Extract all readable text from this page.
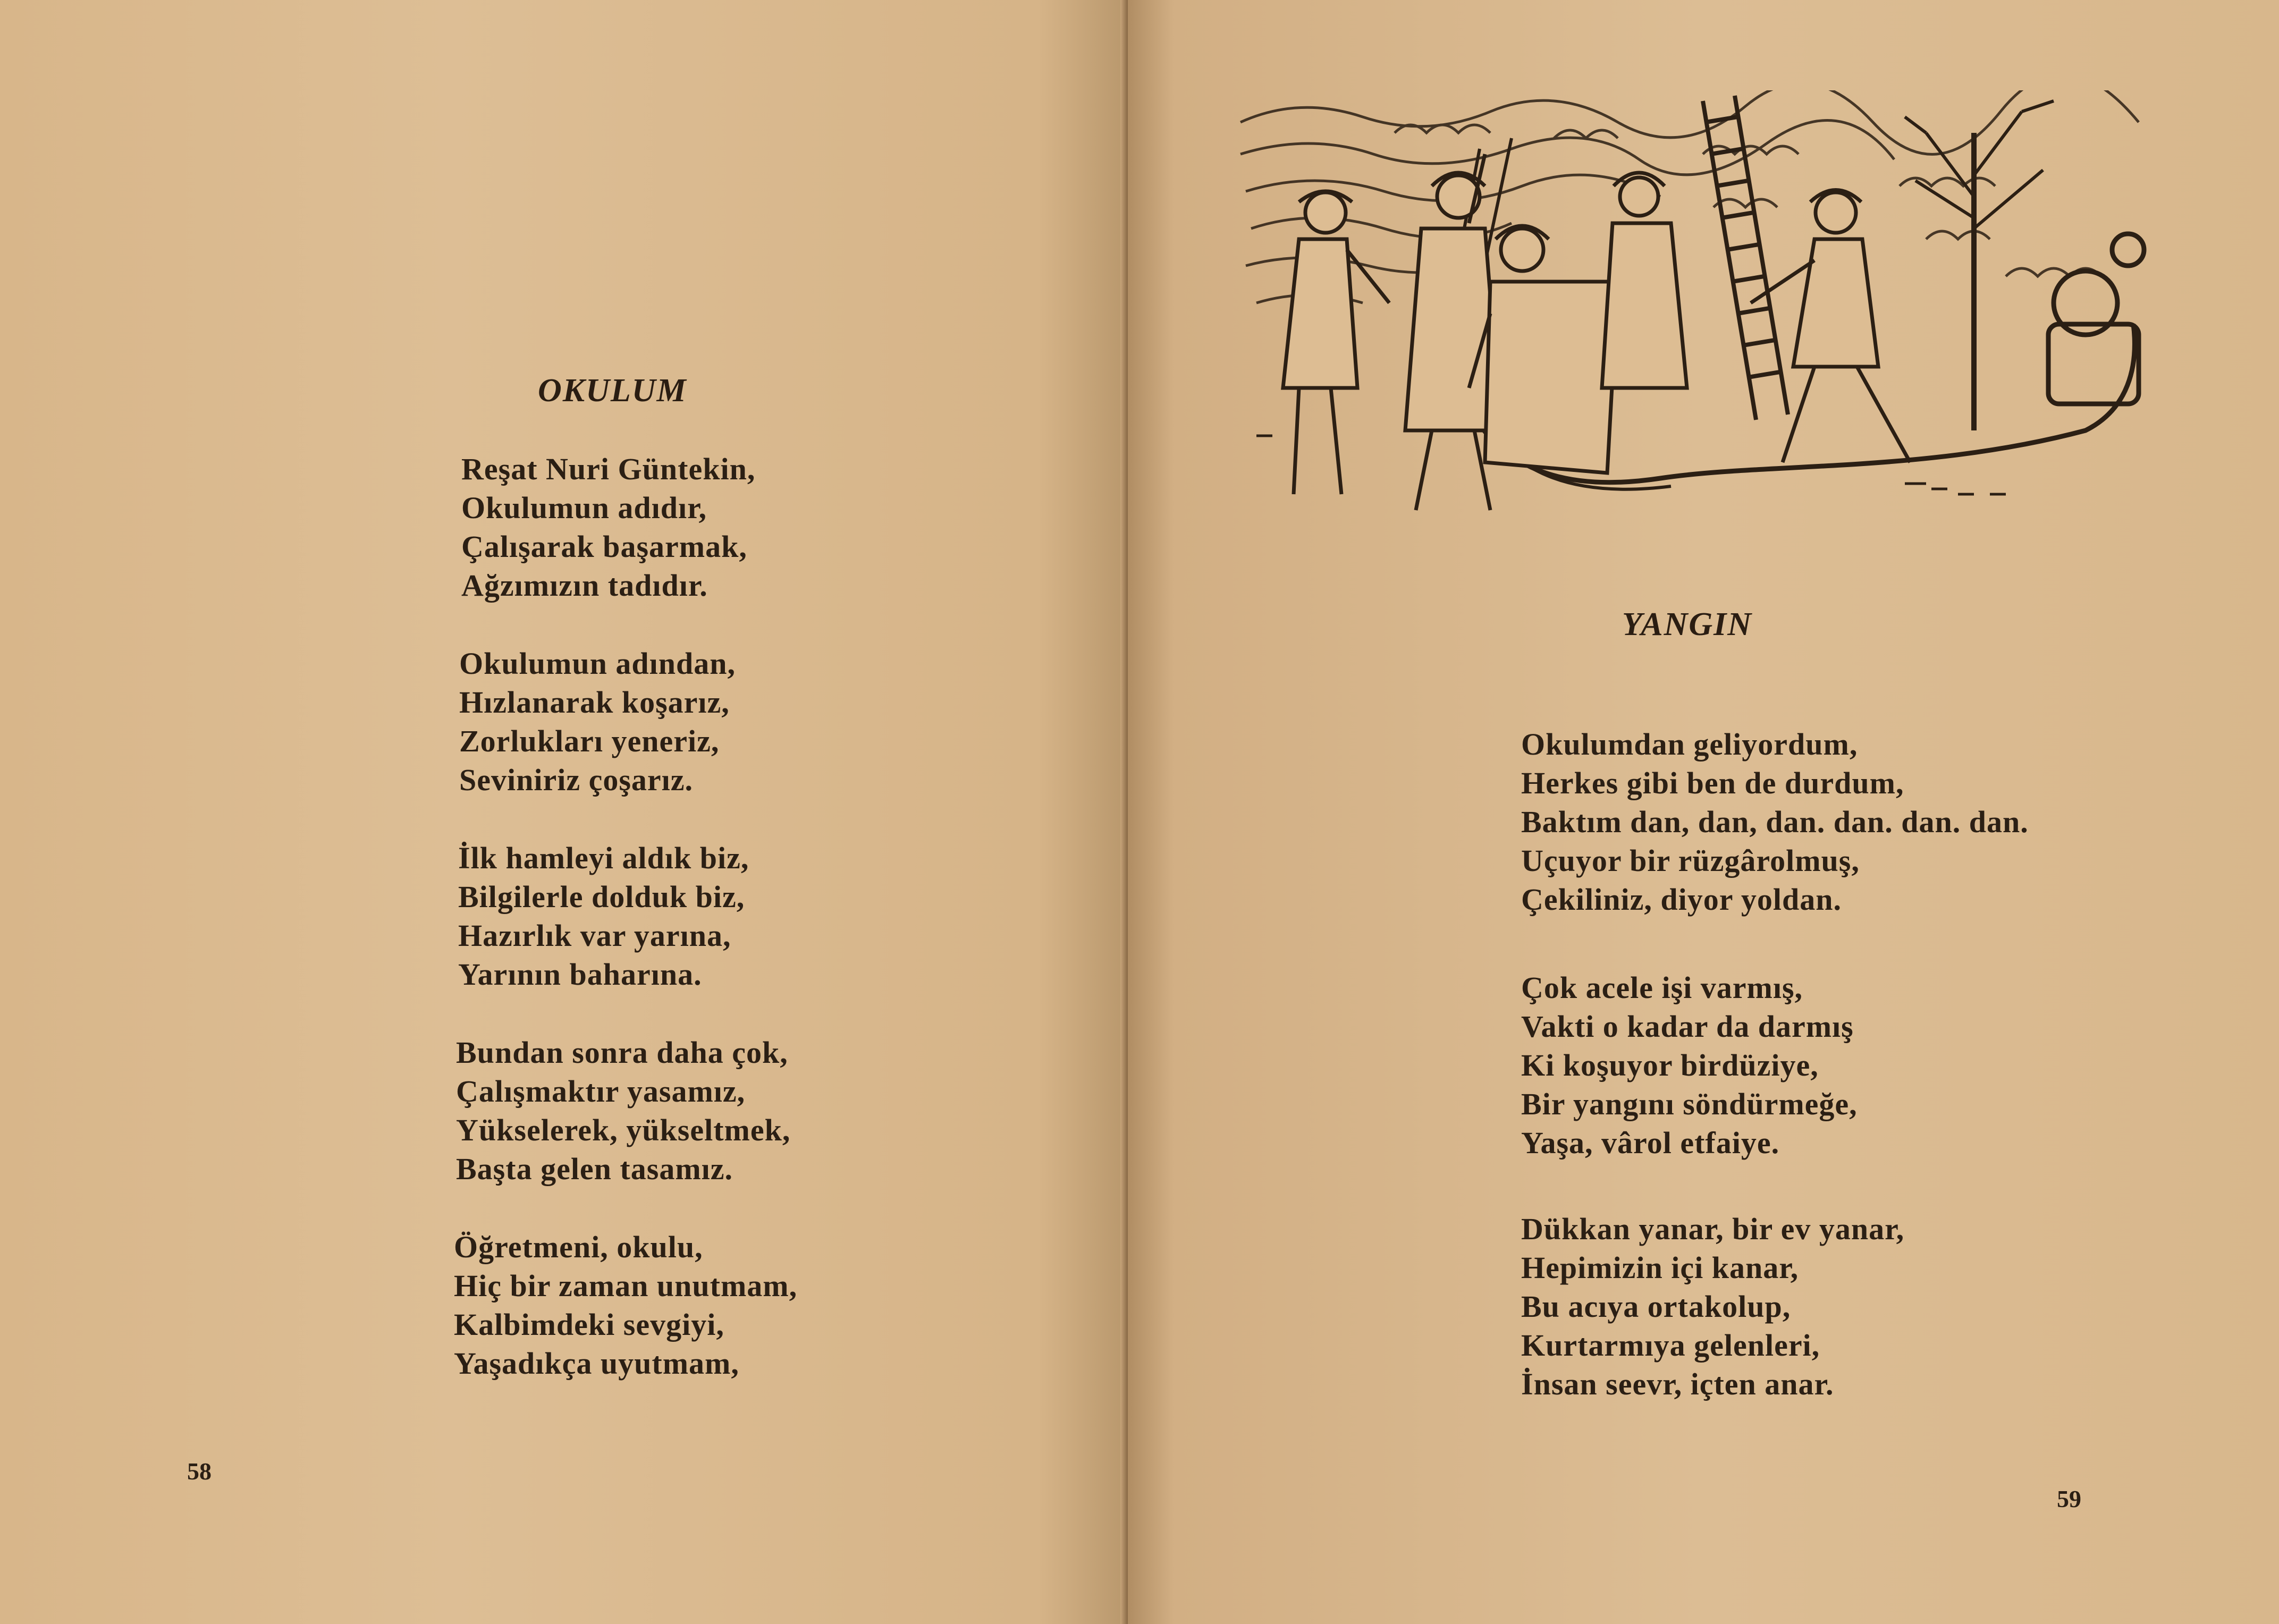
OKULUM
Reşat Nuri Güntekin,
Okulumun adıdır,
Çalışarak başarmak,
Ağzımızın tadıdır.
Okulumun adından,
Hızlanarak koşarız,
Zorlukları yeneriz,
Seviniriz çoşarız.
İlk hamleyi aldık biz,
Bilgilerle dolduk biz,
Hazırlık var yarına,
Yarının baharına.
Bundan sonra daha çok,
Çalışmaktır yasamız,
Yükselerek, yükseltmek,
Başta gelen tasamız.
Öğretmeni, okulu,
Hiç bir zaman unutmam,
Kalbimdeki sevgiyi,
Yaşadıkça uyutmam,
58
YANGIN
Okulumdan geliyordum,
Herkes gibi ben de durdum,
Baktım dan, dan, dan. dan. dan. dan.
Uçuyor bir rüzgârolmuş,
Çekiliniz, diyor yoldan.
Çok acele işi varmış,
Vakti o kadar da darmış
Ki koşuyor birdüziye,
Bir yangını söndürmeğe,
Yaşa, vârol etfaiye.
Dükkan yanar, bir ev yanar,
Hepimizin içi kanar,
Bu acıya ortakolup,
Kurtarmıya gelenleri,
İnsan seevr, içten anar.
59
